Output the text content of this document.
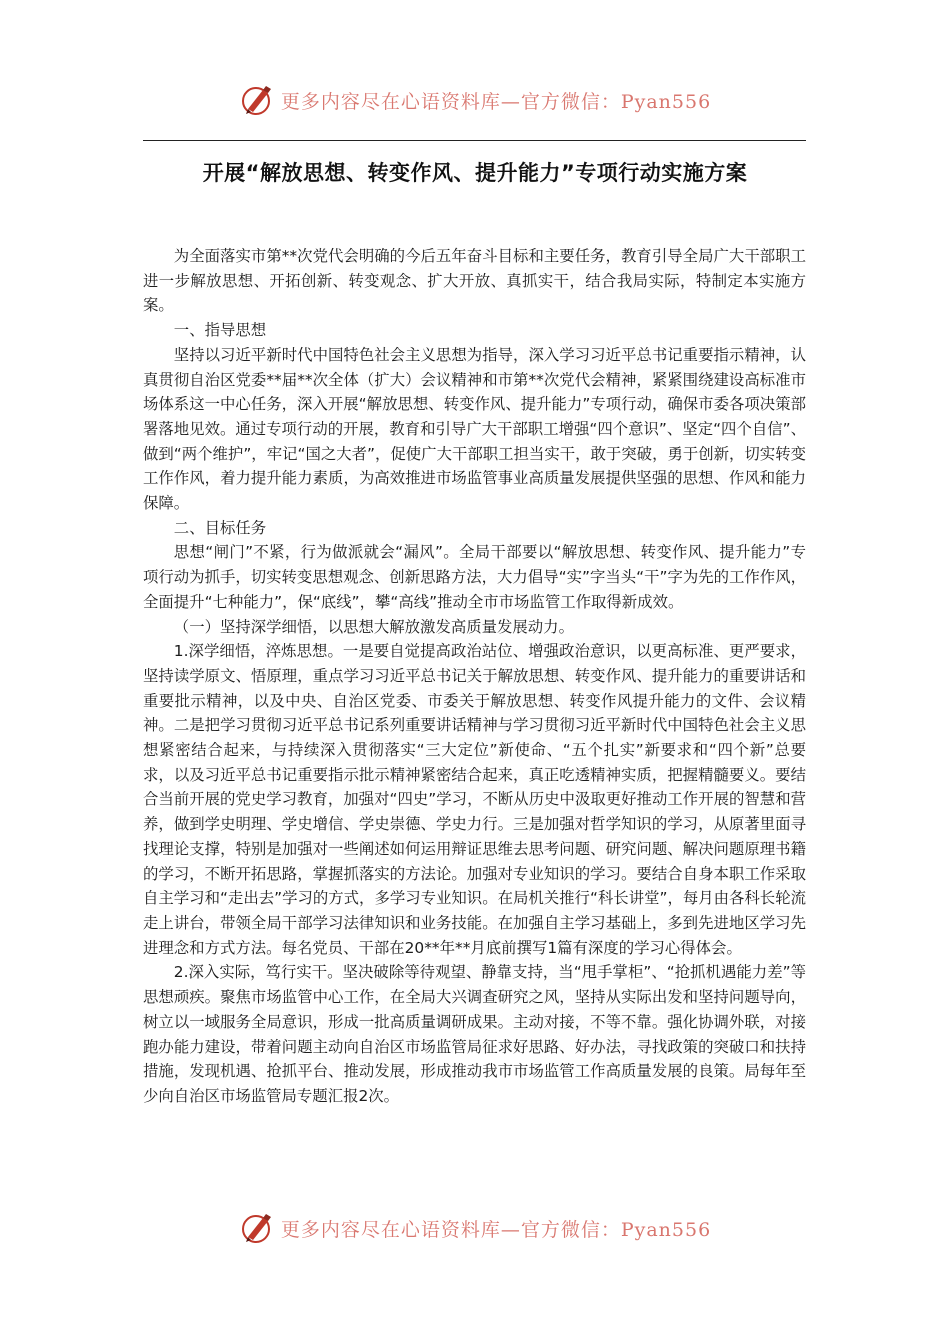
更多内容尽在心语资料库—官方微信：Pyan556
开展“解放思想、转变作风、提升能力”专项行动实施方案

为全面落实市第**次党代会明确的今后五年奋斗目标和主要任务，教育引导全局广大干部职工进一步解放思想、开拓创新、转变观念、扩大开放、真抓实干，结合我局实际，特制定本实施方案。

一、指导思想

坚持以习近平新时代中国特色社会主义思想为指导，深入学习习近平总书记重要指示精神，认真贯彻自治区党委**届**次全体（扩大）会议精神和市第**次党代会精神，紧紧围绕建设高标准市场体系这一中心任务，深入开展“解放思想、转变作风、提升能力”专项行动，确保市委各项决策部署落地见效。通过专项行动的开展，教育和引导广大干部职工增强“四个意识”、坚定“四个自信”、做到“两个维护”，牢记“国之大者”，促使广大干部职工担当实干，敢于突破，勇于创新，切实转变工作作风，着力提升能力素质，为高效推进市场监管事业高质量发展提供坚强的思想、作风和能力保障。

二、目标任务

思想“闸门”不紧，行为做派就会“漏风”。全局干部要以“解放思想、转变作风、提升能力”专项行动为抓手，切实转变思想观念、创新思路方法，大力倡导“实”字当头“干”字为先的工作作风，全面提升“七种能力”，保“底线”，攀“高线”推动全市市场监管工作取得新成效。

（一）坚持深学细悟，以思想大解放激发高质量发展动力。

1.深学细悟，淬炼思想。一是要自觉提高政治站位、增强政治意识，以更高标准、更严要求，坚持读学原文、悟原理，重点学习习近平总书记关于解放思想、转变作风、提升能力的重要讲话和重要批示精神，以及中央、自治区党委、市委关于解放思想、转变作风提升能力的文件、会议精神。二是把学习贯彻习近平总书记系列重要讲话精神与学习贯彻习近平新时代中国特色社会主义思想紧密结合起来，与持续深入贯彻落实“三大定位”新使命、“五个扎实”新要求和“四个新”总要求，以及习近平总书记重要指示批示精神紧密结合起来，真正吃透精神实质，把握精髓要义。要结合当前开展的党史学习教育，加强对“四史”学习，不断从历史中汲取更好推动工作开展的智慧和营养，做到学史明理、学史增信、学史崇德、学史力行。三是加强对哲学知识的学习，从原著里面寻找理论支撑，特别是加强对一些阐述如何运用辩证思维去思考问题、研究问题、解决问题原理书籍的学习，不断开拓思路，掌握抓落实的方法论。加强对专业知识的学习。要结合自身本职工作采取自主学习和“走出去”学习的方式，多学习专业知识。在局机关推行“科长讲堂”，每月由各科长轮流走上讲台，带领全局干部学习法律知识和业务技能。在加强自主学习基础上，多到先进地区学习先进理念和方式方法。每名党员、干部在20**年**月底前撰写1篇有深度的学习心得体会。

2.深入实际，笃行实干。坚决破除等待观望、静靠支持，当“甩手掌柜”、“抢抓机遇能力差”等思想顽疾。聚焦市场监管中心工作，在全局大兴调查研究之风，坚持从实际出发和坚持问题导向，树立以一域服务全局意识，形成一批高质量调研成果。主动对接，不等不靠。强化协调外联，对接跑办能力建设，带着问题主动向自治区市场监管局征求好思路、好办法，寻找政策的突破口和扶持措施，发现机遇、抢抓平台、推动发展，形成推动我市市场监管工作高质量发展的良策。局每年至少向自治区市场监管局专题汇报2次。

更多内容尽在心语资料库—官方微信：Pyan556
